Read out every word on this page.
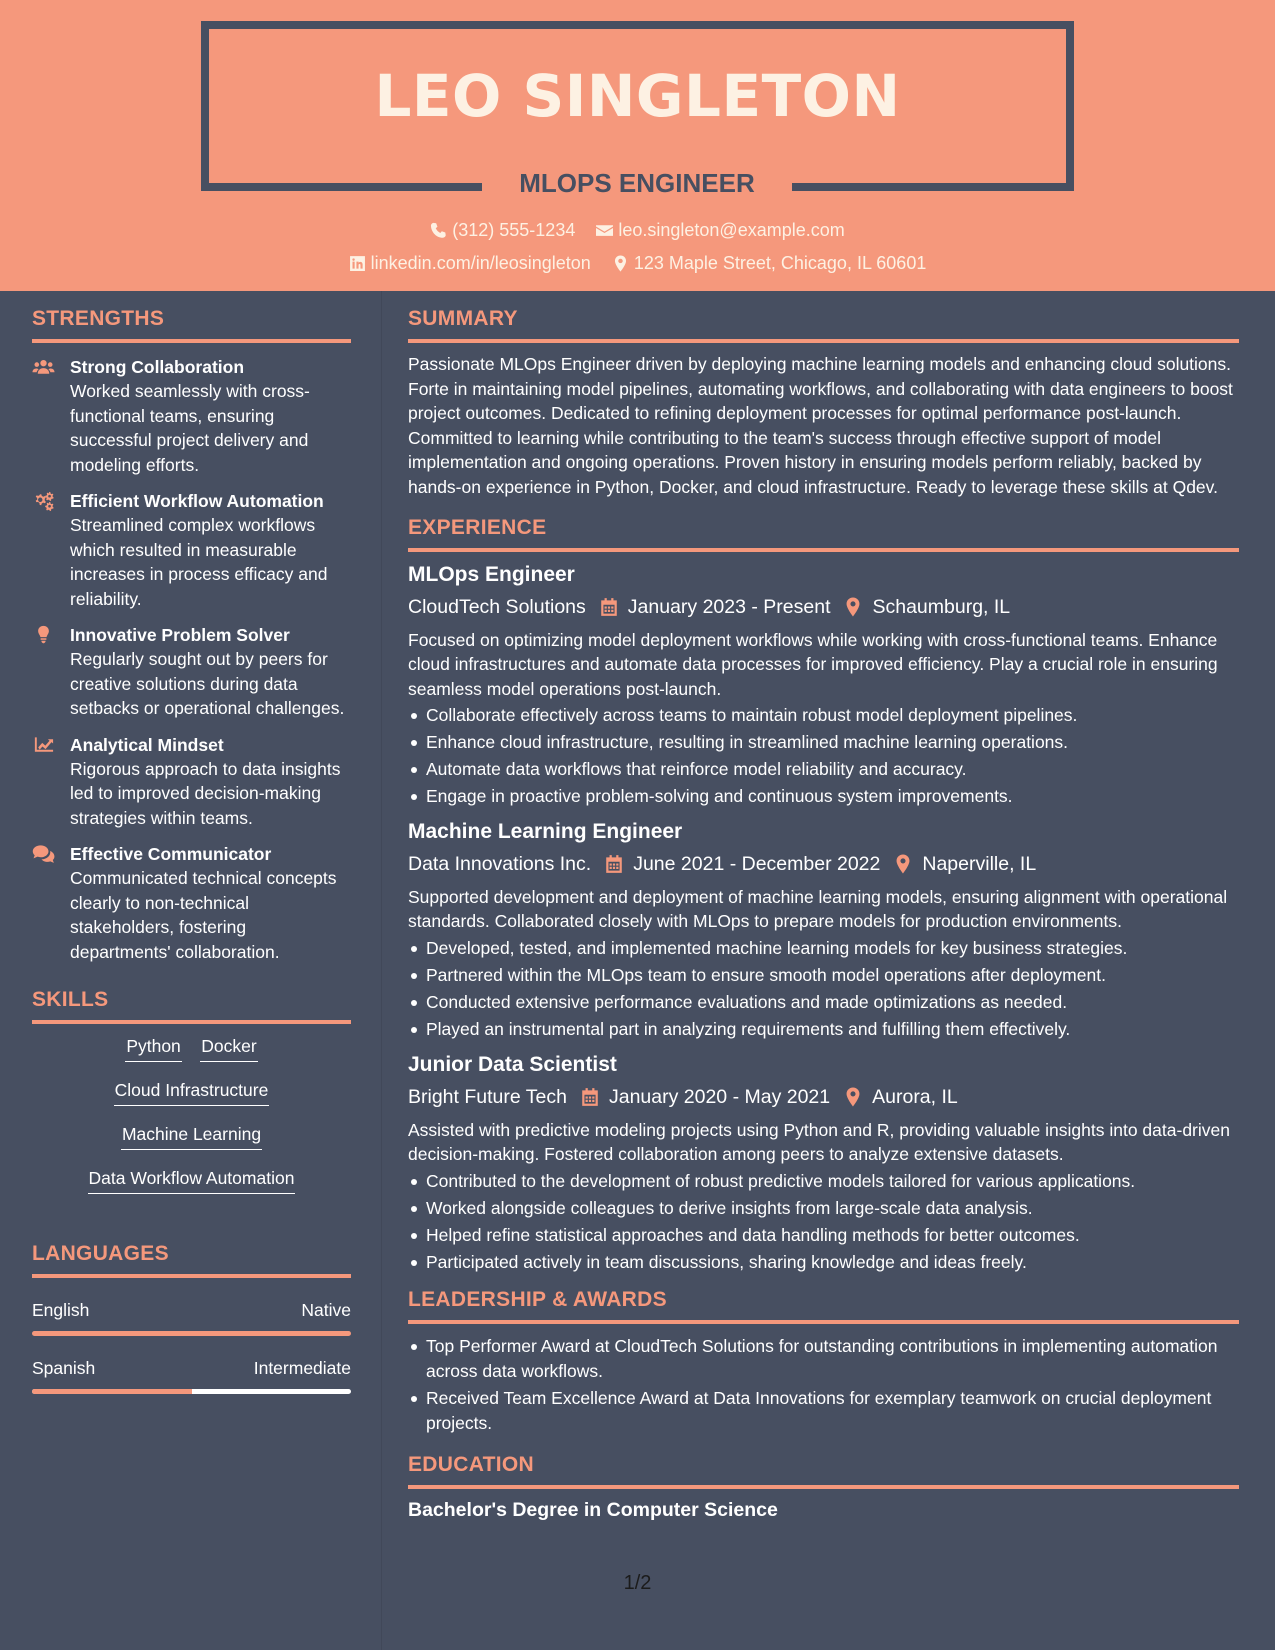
LEO SINGLETON
MLOPS ENGINEER
(312) 555-1234
leo.singleton@example.com
linkedin.com/in/leosingleton
123 Maple Street, Chicago, IL 60601
STRENGTHS
Strong Collaboration
Worked seamlessly with cross-functional teams, ensuring successful project delivery and modeling efforts.
Efficient Workflow Automation
Streamlined complex workflows which resulted in measurable increases in process efficacy and reliability.
Innovative Problem Solver
Regularly sought out by peers for creative solutions during data setbacks or operational challenges.
Analytical Mindset
Rigorous approach to data insights led to improved decision-making strategies within teams.
Effective Communicator
Communicated technical concepts clearly to non-technical stakeholders, fostering departments' collaboration.
SKILLS
Python Docker
Cloud Infrastructure
Machine Learning
Data Workflow Automation
LANGUAGES
English	Native
Spanish	Intermediate
SUMMARY
Passionate MLOps Engineer driven by deploying machine learning models and enhancing cloud solutions. Forte in maintaining model pipelines, automating workflows, and collaborating with data engineers to boost project outcomes. Dedicated to refining deployment processes for optimal performance post-launch. Committed to learning while contributing to the team's success through effective support of model implementation and ongoing operations. Proven history in ensuring models perform reliably, backed by hands-on experience in Python, Docker, and cloud infrastructure. Ready to leverage these skills at Qdev.
EXPERIENCE
MLOps Engineer
CloudTech Solutions January 2023 - Present Schaumburg, IL
Focused on optimizing model deployment workflows while working with cross-functional teams. Enhance cloud infrastructures and automate data processes for improved efficiency. Play a crucial role in ensuring seamless model operations post-launch.
Collaborate effectively across teams to maintain robust model deployment pipelines.
Enhance cloud infrastructure, resulting in streamlined machine learning operations.
Automate data workflows that reinforce model reliability and accuracy.
Engage in proactive problem-solving and continuous system improvements.
Machine Learning Engineer
Data Innovations Inc. June 2021 - December 2022 Naperville, IL
Supported development and deployment of machine learning models, ensuring alignment with operational standards. Collaborated closely with MLOps to prepare models for production environments.
Developed, tested, and implemented machine learning models for key business strategies.
Partnered within the MLOps team to ensure smooth model operations after deployment.
Conducted extensive performance evaluations and made optimizations as needed.
Played an instrumental part in analyzing requirements and fulfilling them effectively.
Junior Data Scientist
Bright Future Tech January 2020 - May 2021 Aurora, IL
Assisted with predictive modeling projects using Python and R, providing valuable insights into data-driven decision-making. Fostered collaboration among peers to analyze extensive datasets.
Contributed to the development of robust predictive models tailored for various applications.
Worked alongside colleagues to derive insights from large-scale data analysis.
Helped refine statistical approaches and data handling methods for better outcomes.
Participated actively in team discussions, sharing knowledge and ideas freely.
LEADERSHIP & AWARDS
Top Performer Award at CloudTech Solutions for outstanding contributions in implementing automation across data workflows.
Received Team Excellence Award at Data Innovations for exemplary teamwork on crucial deployment projects.
EDUCATION
Bachelor's Degree in Computer Science
1/2
